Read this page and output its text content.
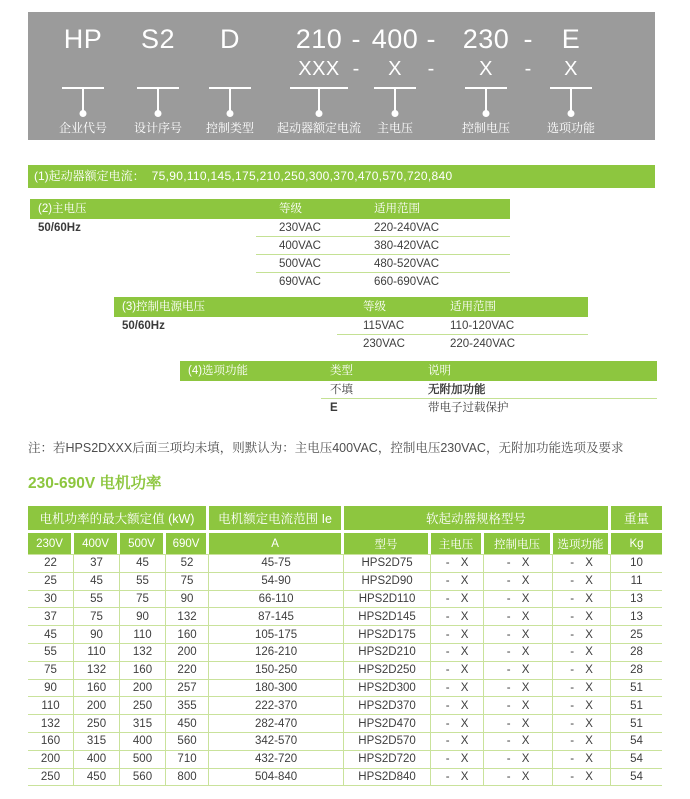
HP
企业代号
S2
设计序号
D
控制类型
210
XXX
起动器额定电流
400
X
主电压
230
X
控制电压
E
X
选项功能
- -	-
-	-	-
(1)起动器额定电流： 75,90,110,145,175,210,250,300,370,470,570,720,840
(2)主电压	等级	适用范围
50/60Hz	230VAC	220-240VAC
400VAC	380-420VAC
500VAC	480-520VAC
690VAC	660-690VAC
(3)控制电源电压	等级	适用范围
50/60Hz	115VAC	110-120VAC
230VAC	220-240VAC
(4)选项功能	类型	说明
不填	无附加功能
E	带电子过载保护
注：若HPS2DXXX后面三项均未填，则默认为：主电压400VAC，控制电压230VAC，无附加功能选项及要求
230-690V 电机功率
电机功率的最大额定值 (kW)				电机额定电流范围 Ie	软起动器规格型号				重量
230V	400V	500V	690V	A	型号	主电压	控制电压	选项功能	Kg
22	37	45	52	45-75	HPS2D75	- X	- X	- X	10
25	45	55	75	54-90	HPS2D90	- X	- X	- X	11
30	55	75	90	66-110	HPS2D110	- X	- X	- X	13
37	75	90	132	87-145	HPS2D145	- X	- X	- X	13
45	90	110	160	105-175	HPS2D175	- X	- X	- X	25
55	110	132	200	126-210	HPS2D210	- X	- X	- X	28
75	132	160	220	150-250	HPS2D250	- X	- X	- X	28
90	160	200	257	180-300	HPS2D300	- X	- X	- X	51
110	200	250	355	222-370	HPS2D370	- X	- X	- X	51
132	250	315	450	282-470	HPS2D470	- X	- X	- X	51
160	315	400	560	342-570	HPS2D570	- X	- X	- X	54
200	400	500	710	432-720	HPS2D720	- X	- X	- X	54
250	450	560	800	504-840	HPS2D840	- X	- X	- X	54
